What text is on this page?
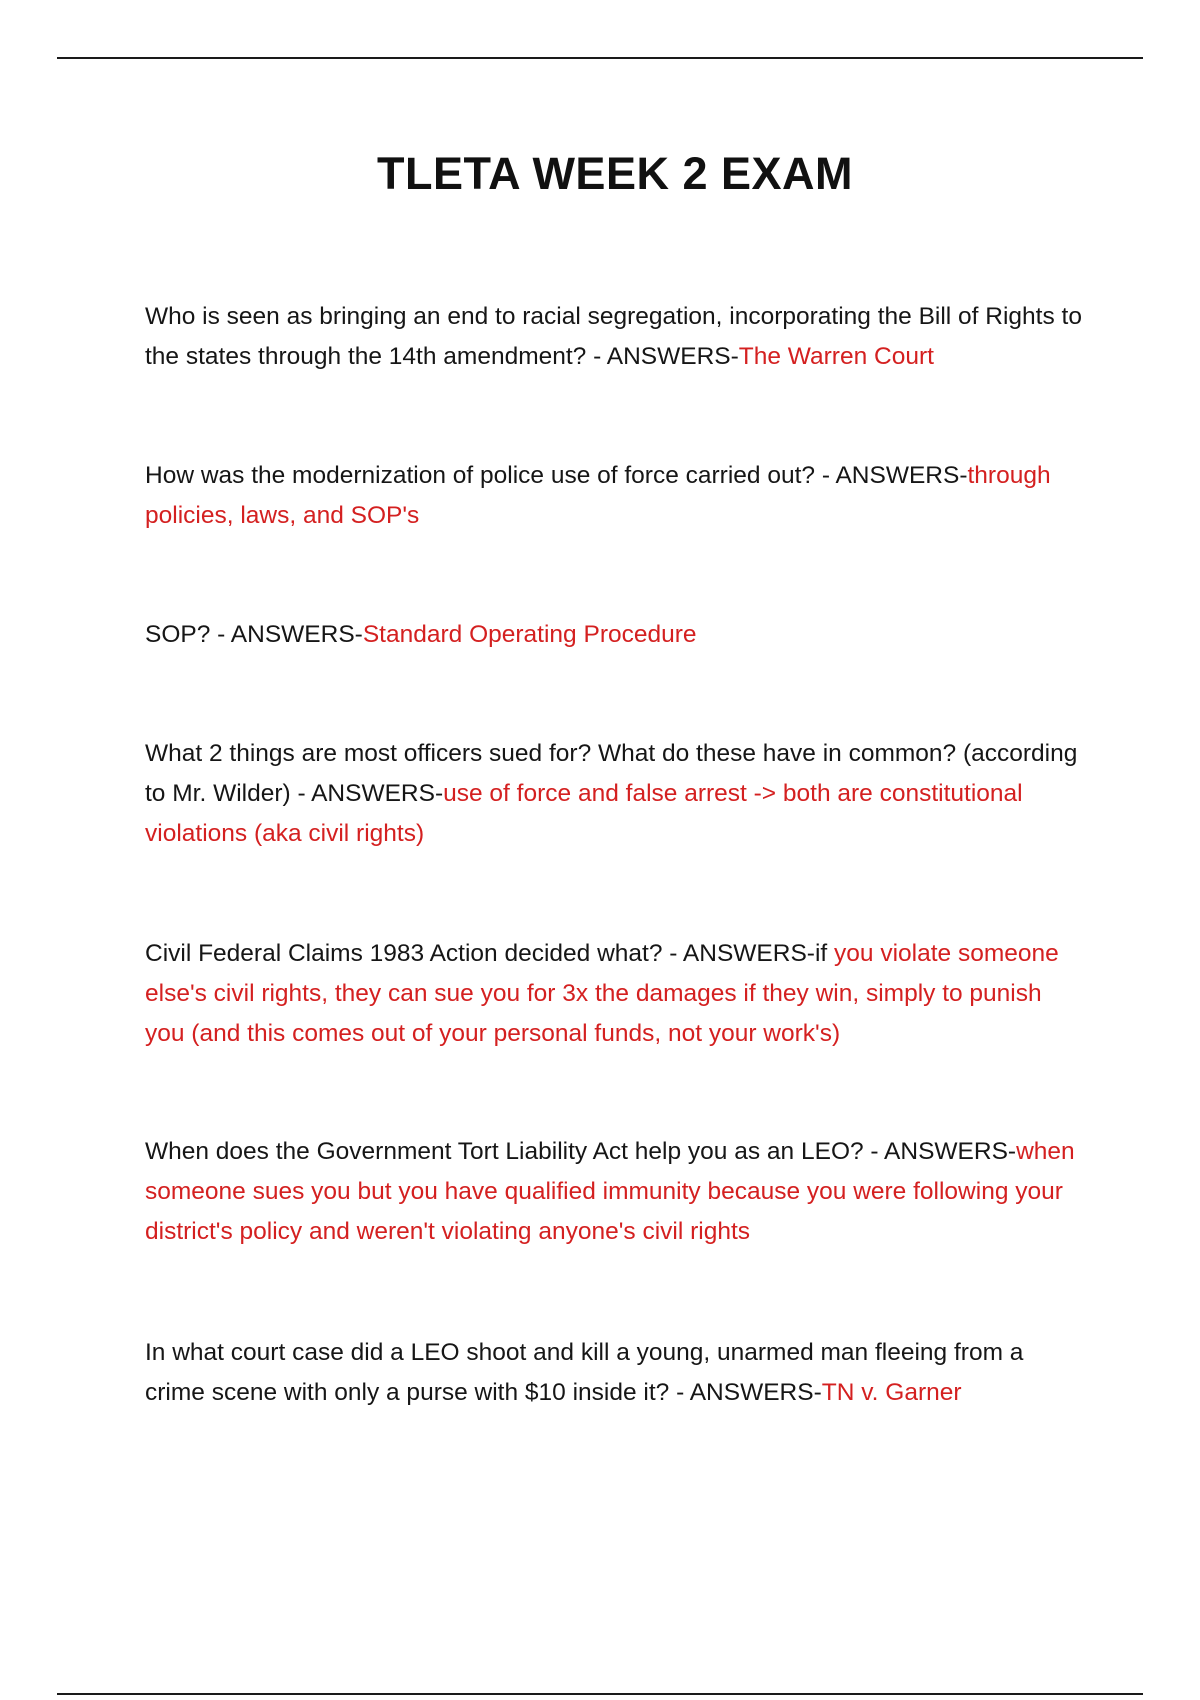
TLETA WEEK 2 EXAM

Who is seen as bringing an end to racial segregation, incorporating the Bill of Rights to the states through the 14th amendment? - ANSWERS-The Warren Court

How was the modernization of police use of force carried out? - ANSWERS-through policies, laws, and SOP's

SOP? - ANSWERS-Standard Operating Procedure

What 2 things are most officers sued for? What do these have in common? (according to Mr. Wilder) - ANSWERS-use of force and false arrest -> both are constitutional violations (aka civil rights)

Civil Federal Claims 1983 Action decided what? - ANSWERS-if you violate someone else's civil rights, they can sue you for 3x the damages if they win, simply to punish you (and this comes out of your personal funds, not your work's)

When does the Government Tort Liability Act help you as an LEO? - ANSWERS-when someone sues you but you have qualified immunity because you were following your district's policy and weren't violating anyone's civil rights

In what court case did a LEO shoot and kill a young, unarmed man fleeing from a crime scene with only a purse with $10 inside it? - ANSWERS-TN v. Garner
